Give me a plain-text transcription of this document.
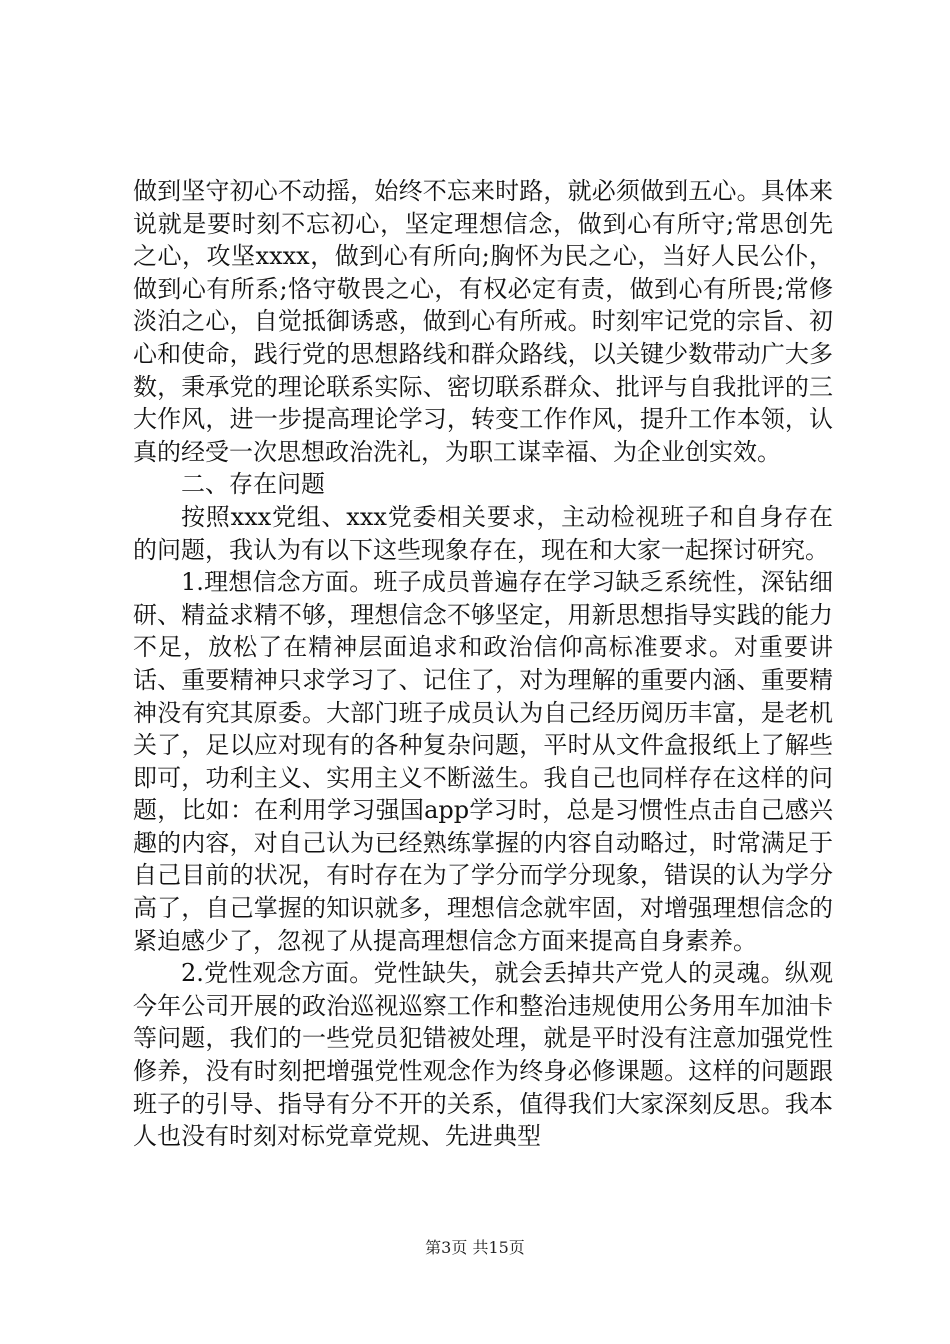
做到坚守初心不动摇，始终不忘来时路，就必须做到五心。具体来说就是要时刻不忘初心，坚定理想信念，做到心有所守;常思创先之心，攻坚xxxx，做到心有所向;胸怀为民之心，当好人民公仆，做到心有所系;恪守敬畏之心，有权必定有责，做到心有所畏;常修淡泊之心，自觉抵御诱惑，做到心有所戒。时刻牢记党的宗旨、初心和使命，践行党的思想路线和群众路线，以关键少数带动广大多数，秉承党的理论联系实际、密切联系群众、批评与自我批评的三大作风，进一步提高理论学习，转变工作作风，提升工作本领，认真的经受一次思想政治洗礼，为职工谋幸福、为企业创实效。

二、存在问题

按照xxx党组、xxx党委相关要求，主动检视班子和自身存在的问题，我认为有以下这些现象存在，现在和大家一起探讨研究。

1.理想信念方面。班子成员普遍存在学习缺乏系统性，深钻细研、精益求精不够，理想信念不够坚定，用新思想指导实践的能力不足，放松了在精神层面追求和政治信仰高标准要求。对重要讲话、重要精神只求学习了、记住了，对为理解的重要内涵、重要精神没有究其原委。大部门班子成员认为自己经历阅历丰富，是老机关了，足以应对现有的各种复杂问题，平时从文件盒报纸上了解些即可，功利主义、实用主义不断滋生。我自己也同样存在这样的问题，比如：在利用学习强国app学习时，总是习惯性点击自己感兴趣的内容，对自己认为已经熟练掌握的内容自动略过，时常满足于自己目前的状况，有时存在为了学分而学分现象，错误的认为学分高了，自己掌握的知识就多，理想信念就牢固，对增强理想信念的紧迫感少了，忽视了从提高理想信念方面来提高自身素养。

2.党性观念方面。党性缺失，就会丢掉共产党人的灵魂。纵观今年公司开展的政治巡视巡察工作和整治违规使用公务用车加油卡等问题，我们的一些党员犯错被处理，就是平时没有注意加强党性修养，没有时刻把增强党性观念作为终身必修课题。这样的问题跟班子的引导、指导有分不开的关系，值得我们大家深刻反思。我本人也没有时刻对标党章党规、先进典型

第3页 共15页
